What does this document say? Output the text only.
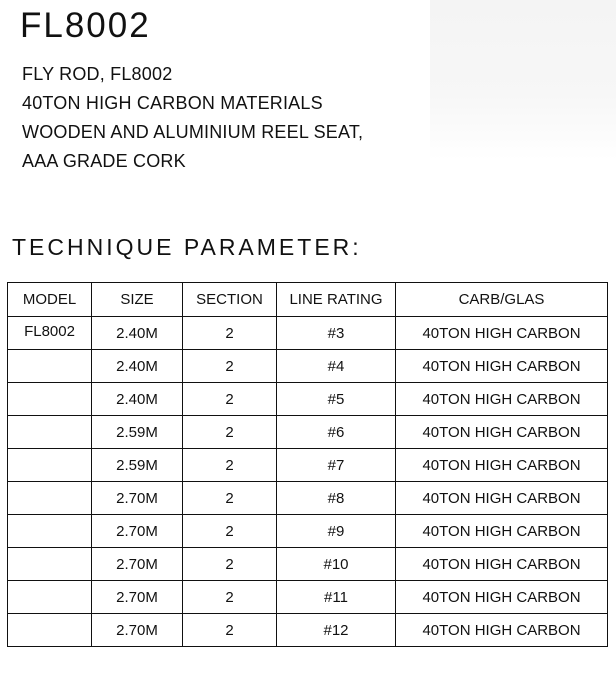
FL8002
FLY ROD, FL8002
40TON HIGH CARBON MATERIALS
WOODEN AND ALUMINIUM REEL SEAT,
AAA GRADE CORK
TECHNIQUE PARAMETER:
MODEL	SIZE	SECTION	LINE RATING	CARB/GLAS
FL8002	2.40M	2	#3	40TON HIGH CARBON
	2.40M	2	#4	40TON HIGH CARBON
	2.40M	2	#5	40TON HIGH CARBON
	2.59M	2	#6	40TON HIGH CARBON
	2.59M	2	#7	40TON HIGH CARBON
	2.70M	2	#8	40TON HIGH CARBON
	2.70M	2	#9	40TON HIGH CARBON
	2.70M	2	#10	40TON HIGH CARBON
	2.70M	2	#11	40TON HIGH CARBON
	2.70M	2	#12	40TON HIGH CARBON
